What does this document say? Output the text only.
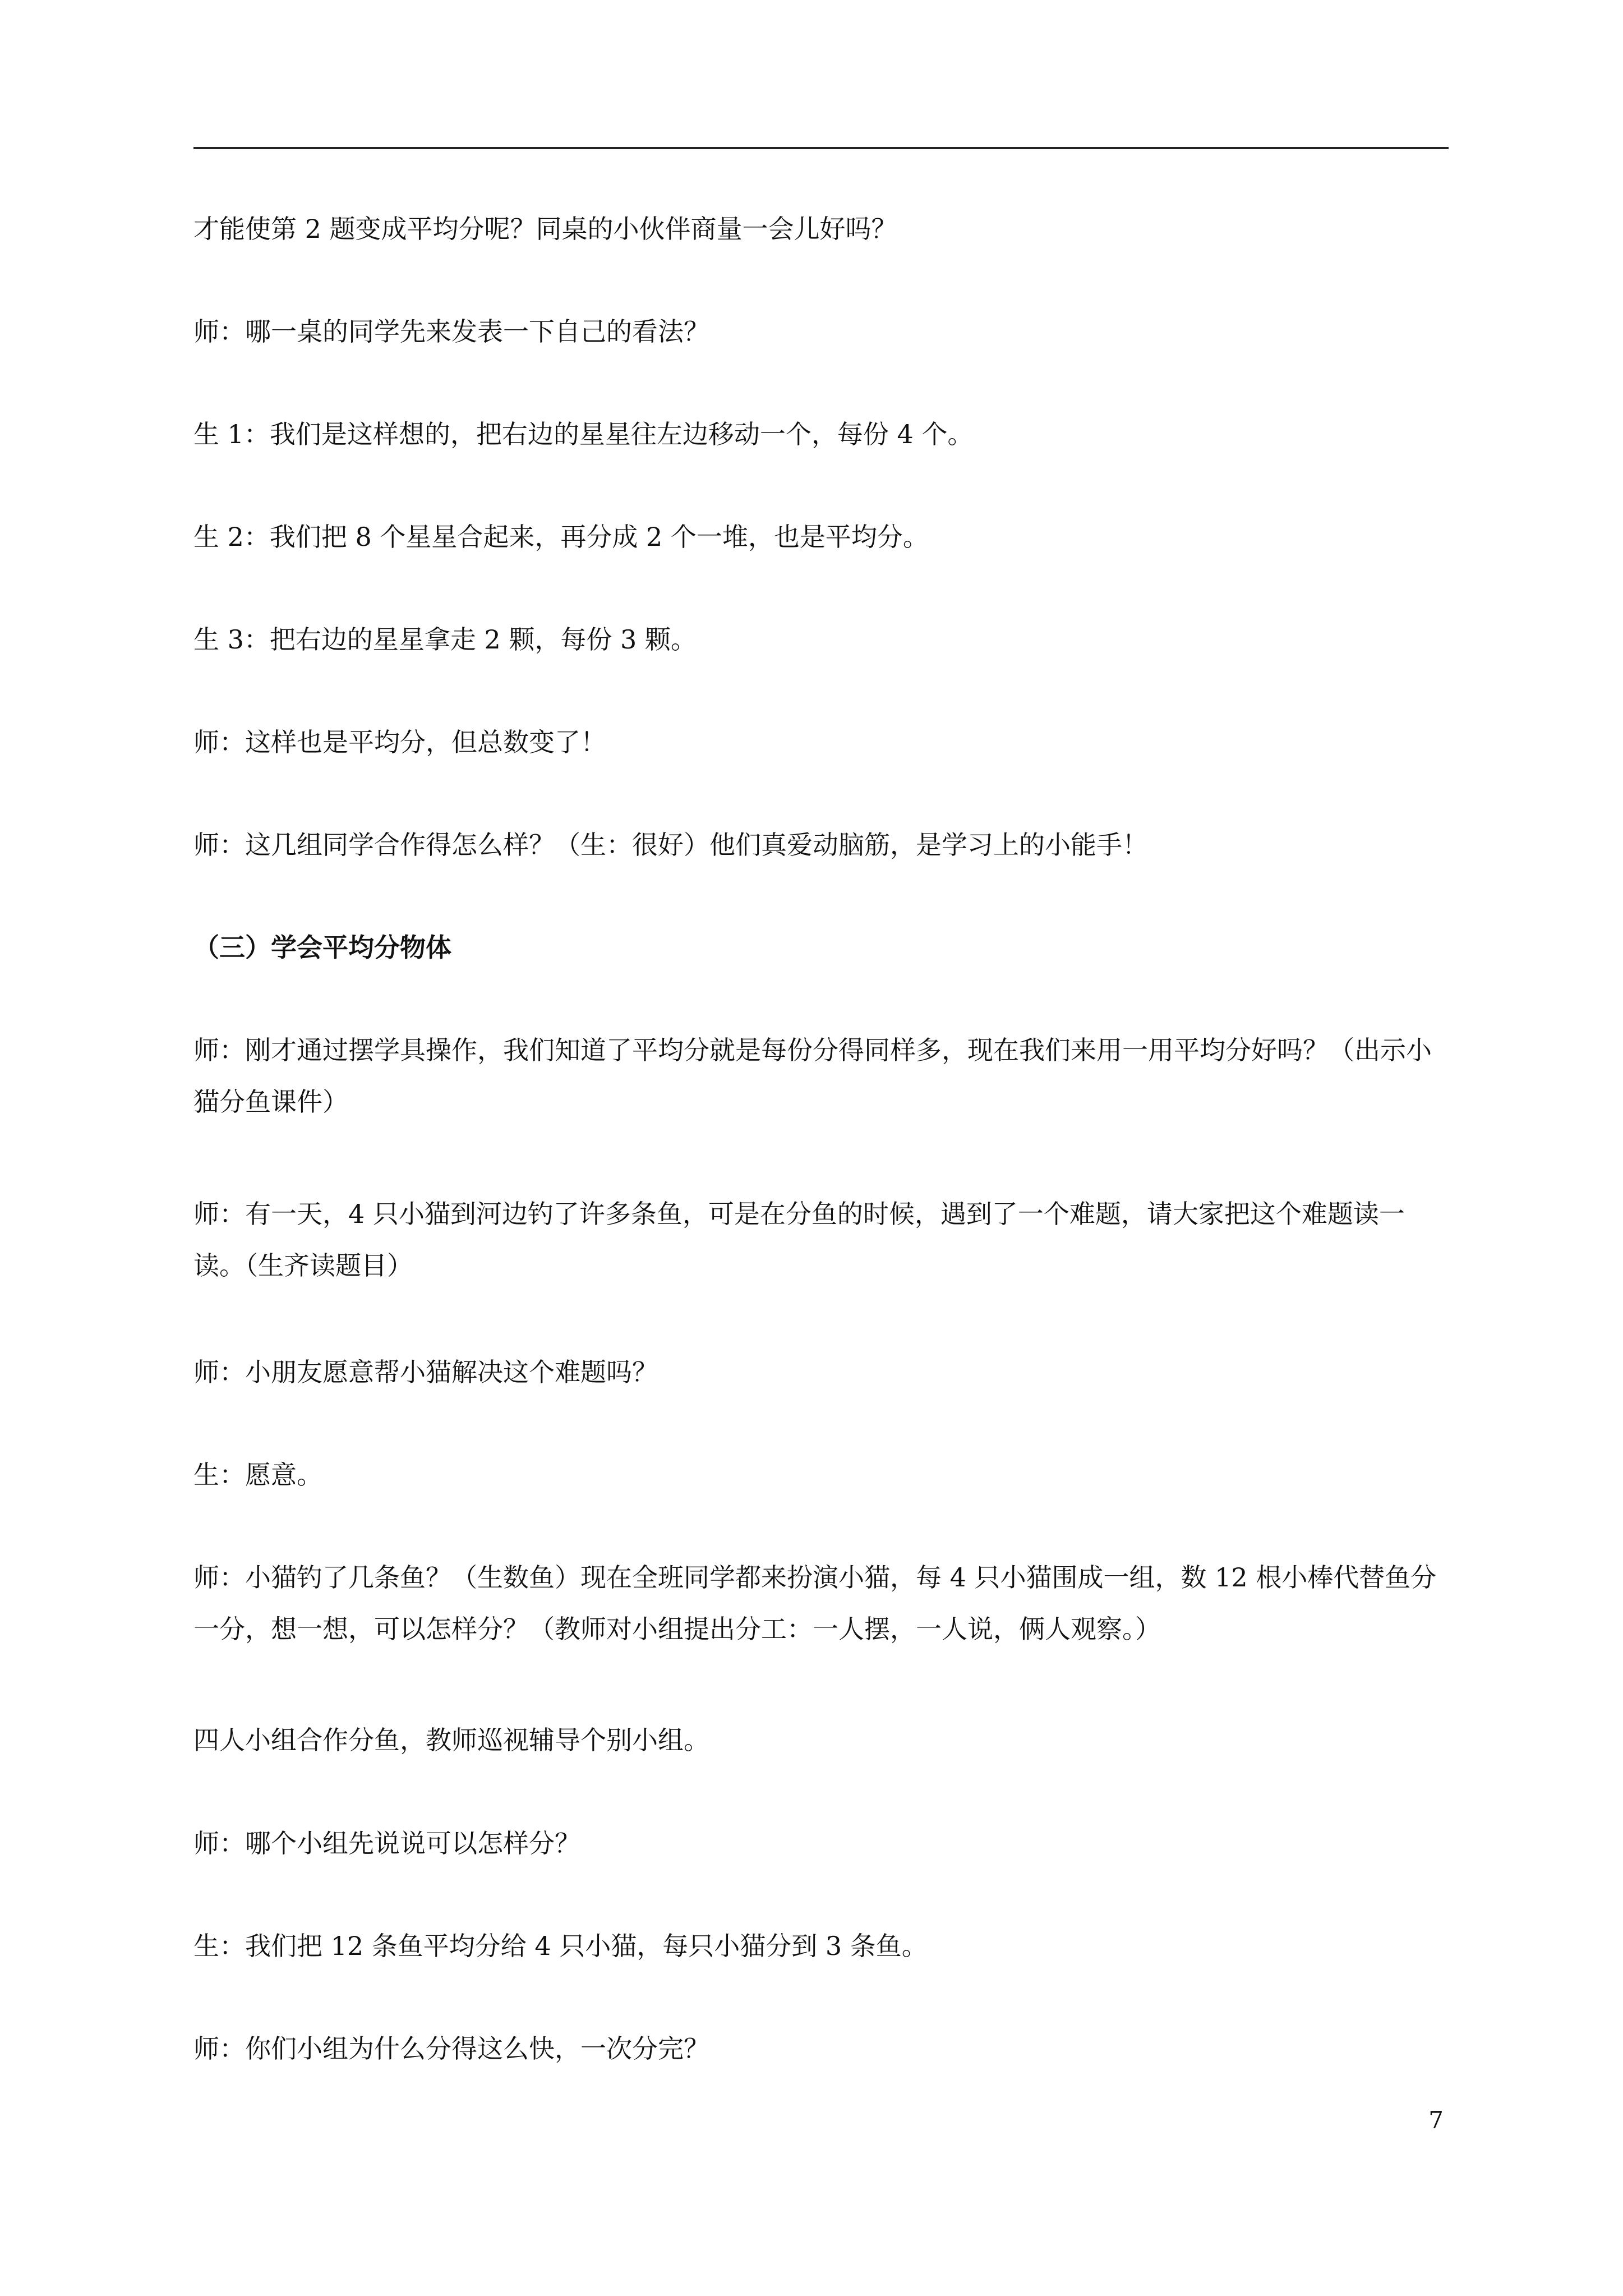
才能使第 2 题变成平均分呢？同桌的小伙伴商量一会儿好吗？

师：哪一桌的同学先来发表一下自己的看法？

生 1：我们是这样想的，把右边的星星往左边移动一个，每份 4 个。

生 2：我们把 8 个星星合起来，再分成 2 个一堆，也是平均分。

生 3：把右边的星星拿走 2 颗，每份 3 颗。

师：这样也是平均分，但总数变了！

师：这几组同学合作得怎么样？（生：很好）他们真爱动脑筋，是学习上的小能手！

（三）学会平均分物体

师：刚才通过摆学具操作，我们知道了平均分就是每份分得同样多，现在我们来用一用平均分好吗？（出示小猫分鱼课件）

师：有一天，4 只小猫到河边钓了许多条鱼，可是在分鱼的时候，遇到了一个难题，请大家把这个难题读一读。（生齐读题目）

师：小朋友愿意帮小猫解决这个难题吗？

生：愿意。

师：小猫钓了几条鱼？（生数鱼）现在全班同学都来扮演小猫，每 4 只小猫围成一组，数 12 根小棒代替鱼分一分，想一想，可以怎样分？（教师对小组提出分工：一人摆，一人说，俩人观察。）

四人小组合作分鱼，教师巡视辅导个别小组。

师：哪个小组先说说可以怎样分？

生：我们把 12 条鱼平均分给 4 只小猫，每只小猫分到 3 条鱼。

师：你们小组为什么分得这么快，一次分完？

7
